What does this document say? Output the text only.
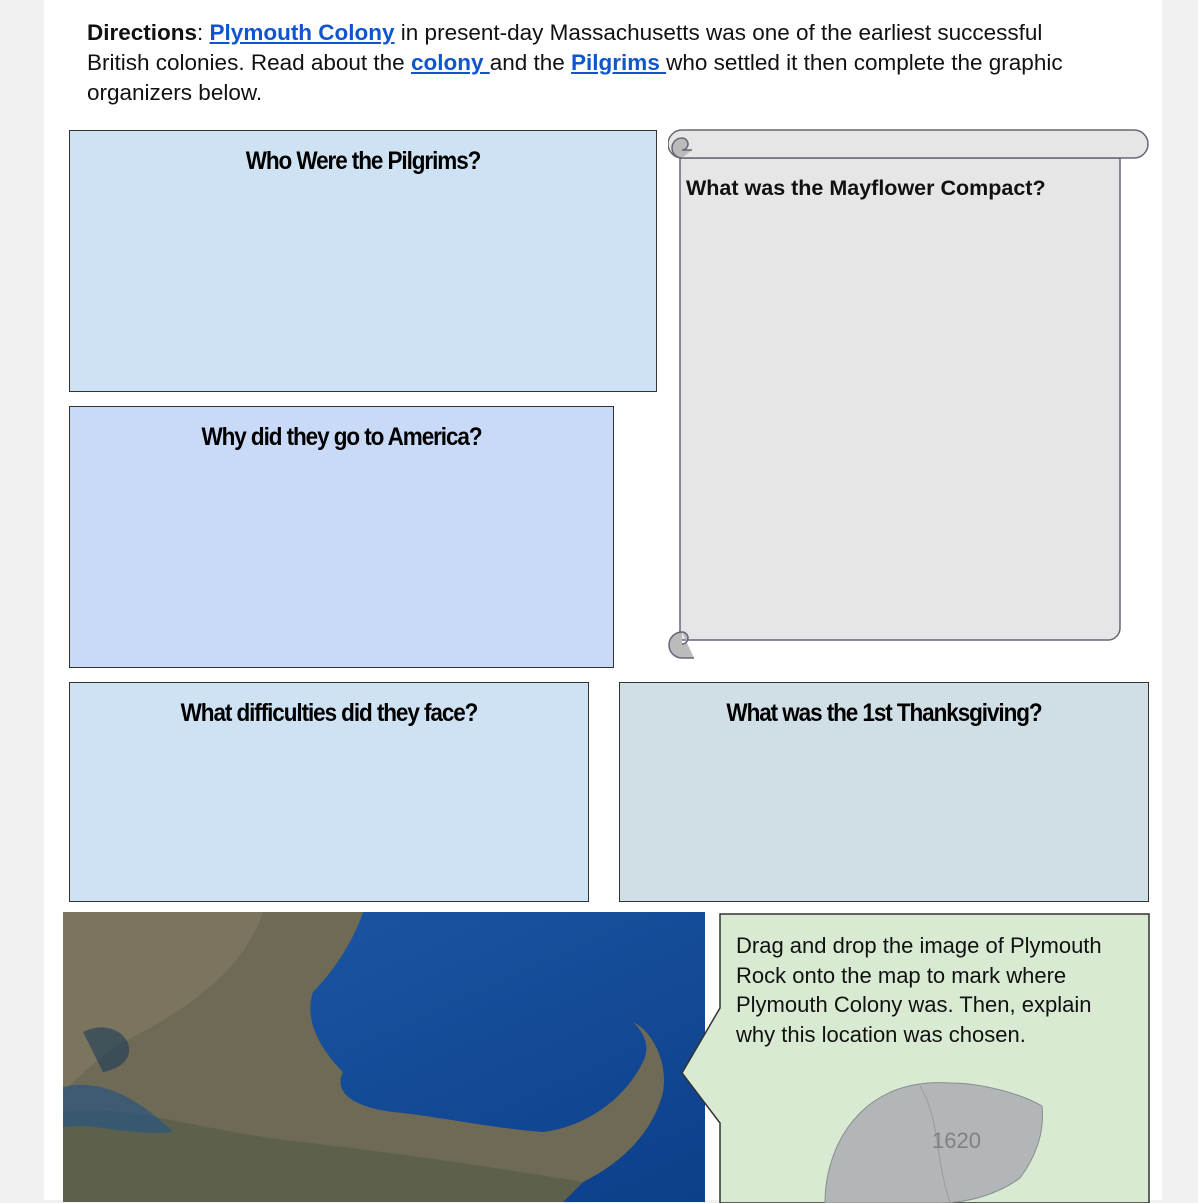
Directions: Plymouth Colony in present-day Massachusetts was one of the earliest successful British colonies. Read about the colony and the Pilgrims who settled it then complete the graphic organizers below.
Who Were the Pilgrims?
Why did they go to America?
What difficulties did they face?	What was the 1st Thanksgiving?
What was the Mayflower Compact?
Drag and drop the image of Plymouth Rock onto the map to mark where Plymouth Colony was. Then, explain why this location was chosen.
1620
